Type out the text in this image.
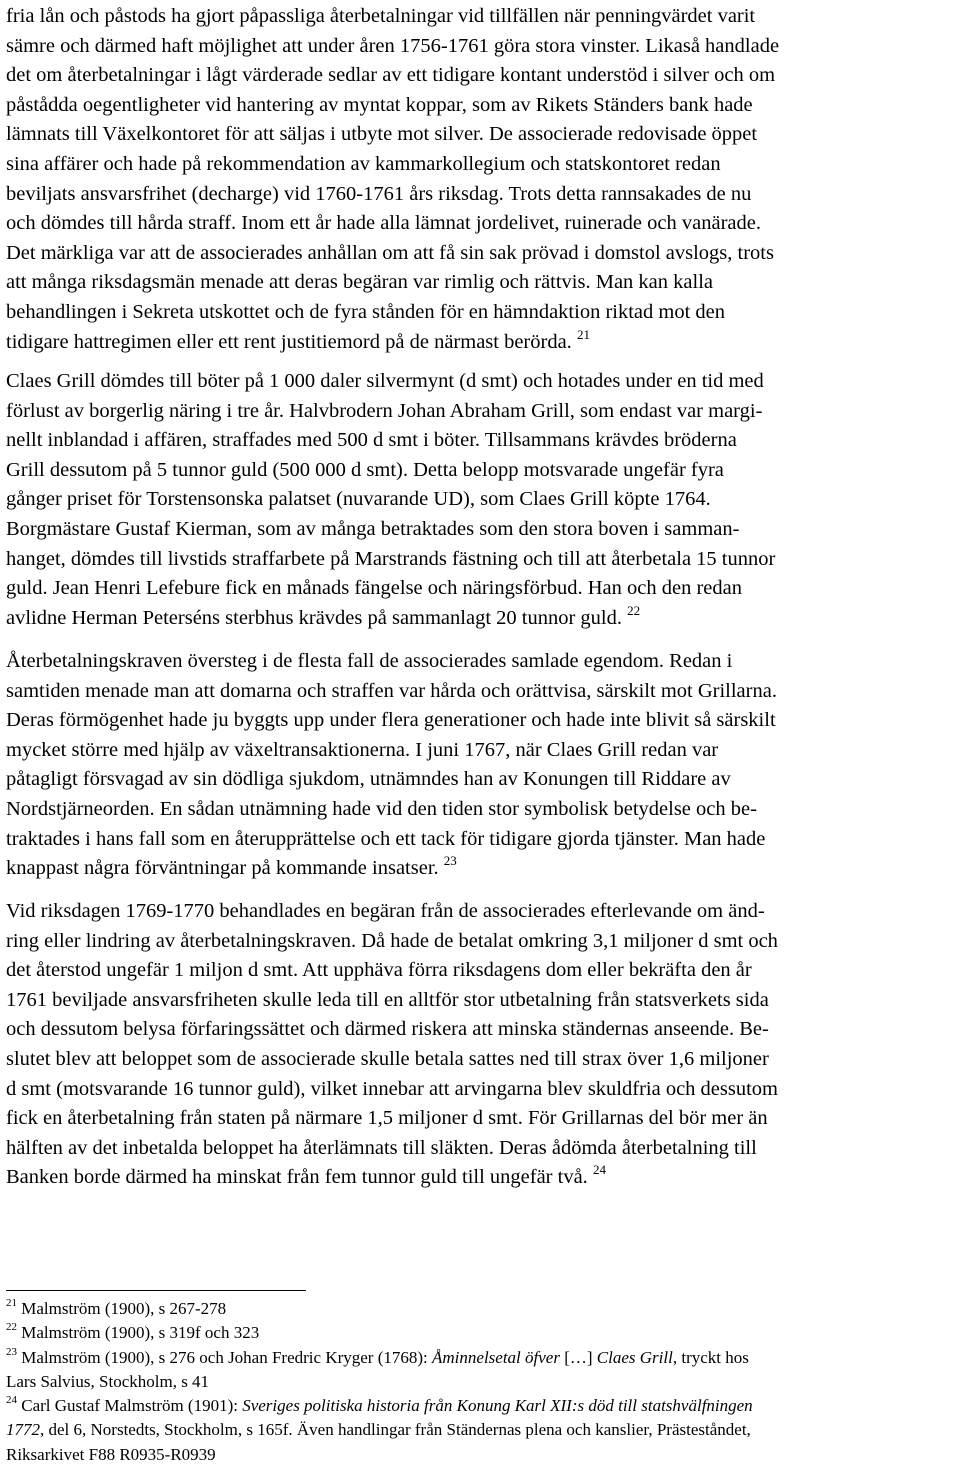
fria lån och påstods ha gjort påpassliga återbetalningar vid tillfällen när penningvärdet varit
sämre och därmed haft möjlighet att under åren 1756-1761 göra stora vinster. Likaså handlade
det om återbetalningar i lågt värderade sedlar av ett tidigare kontant understöd i silver och om
påstådda oegentligheter vid hantering av myntat koppar, som av Rikets Ständers bank hade
lämnats till Växelkontoret för att säljas i utbyte mot silver. De associerade redovisade öppet
sina affärer och hade på rekommendation av kammarkollegium och statskontoret redan
beviljats ansvarsfrihet (decharge) vid 1760-1761 års riksdag. Trots detta rannsakades de nu
och dömdes till hårda straff. Inom ett år hade alla lämnat jordelivet, ruinerade och vanärade.
Det märkliga var att de associerades anhållan om att få sin sak prövad i domstol avslogs, trots
att många riksdagsmän menade att deras begäran var rimlig och rättvis. Man kan kalla
behandlingen i Sekreta utskottet och de fyra stånden för en hämndaktion riktad mot den
tidigare hattregimen eller ett rent justitiemord på de närmast berörda. $^{21}$
Claes Grill dömdes till böter på 1 000 daler silvermynt (d smt) och hotades under en tid med
förlust av borgerlig näring i tre år. Halvbrodern Johan Abraham Grill, som endast var margi-
nellt inblandad i affären, straffades med 500 d smt i böter. Tillsammans krävdes bröderna
Grill dessutom på 5 tunnor guld (500 000 d smt). Detta belopp motsvarade ungefär fyra
gånger priset för Torstensonska palatset (nuvarande UD), som Claes Grill köpte 1764.
Borgmästare Gustaf Kierman, som av många betraktades som den stora boven i samman-
hanget, dömdes till livstids straffarbete på Marstrands fästning och till att återbetala 15 tunnor
guld. Jean Henri Lefebure fick en månads fängelse och näringsförbud. Han och den redan
avlidne Herman Peterséns sterbhus krävdes på sammanlagt 20 tunnor guld. $^{22}$
Återbetalningskraven översteg i de flesta fall de associerades samlade egendom. Redan i
samtiden menade man att domarna och straffen var hårda och orättvisa, särskilt mot Grillarna.
Deras förmögenhet hade ju byggts upp under flera generationer och hade inte blivit så särskilt
mycket större med hjälp av växeltransaktionerna. I juni 1767, när Claes Grill redan var
påtagligt försvagad av sin dödliga sjukdom, utnämndes han av Konungen till Riddare av
Nordstjärneorden. En sådan utnämning hade vid den tiden stor symbolisk betydelse och be-
traktades i hans fall som en återupprättelse och ett tack för tidigare gjorda tjänster. Man hade
knappast några förväntningar på kommande insatser. $^{23}$
Vid riksdagen 1769-1770 behandlades en begäran från de associerades efterlevande om änd-
ring eller lindring av återbetalningskraven. Då hade de betalat omkring 3,1 miljoner d smt och
det återstod ungefär 1 miljon d smt. Att upphäva förra riksdagens dom eller bekräfta den år
1761 beviljade ansvarsfriheten skulle leda till en alltför stor utbetalning från statsverkets sida
och dessutom belysa förfaringssättet och därmed riskera att minska ständernas anseende. Be-
slutet blev att beloppet som de associerade skulle betala sattes ned till strax över 1,6 miljoner
d smt (motsvarande 16 tunnor guld), vilket innebar att arvingarna blev skuldfria och dessutom
fick en återbetalning från staten på närmare 1,5 miljoner d smt. För Grillarnas del bör mer än
hälften av det inbetalda beloppet ha återlämnats till släkten. Deras ådömda återbetalning till
Banken borde därmed ha minskat från fem tunnor guld till ungefär två. $^{24}$
$^{21}$ Malmström (1900), s 267-278
$^{22}$ Malmström (1900), s 319f och 323
$^{23}$ Malmström (1900), s 276 och Johan Fredric Kryger (1768): Åminnelsetal öfver […] Claes Grill, tryckt hos
Lars Salvius, Stockholm, s 41
$^{24}$ Carl Gustaf Malmström (1901): Sveriges politiska historia från Konung Karl XII:s död till statshvälfningen
1772, del 6, Norstedts, Stockholm, s 165f. Även handlingar från Ständernas plena och kanslier, Prästeståndet,
Riksarkivet F88 R0935-R0939
